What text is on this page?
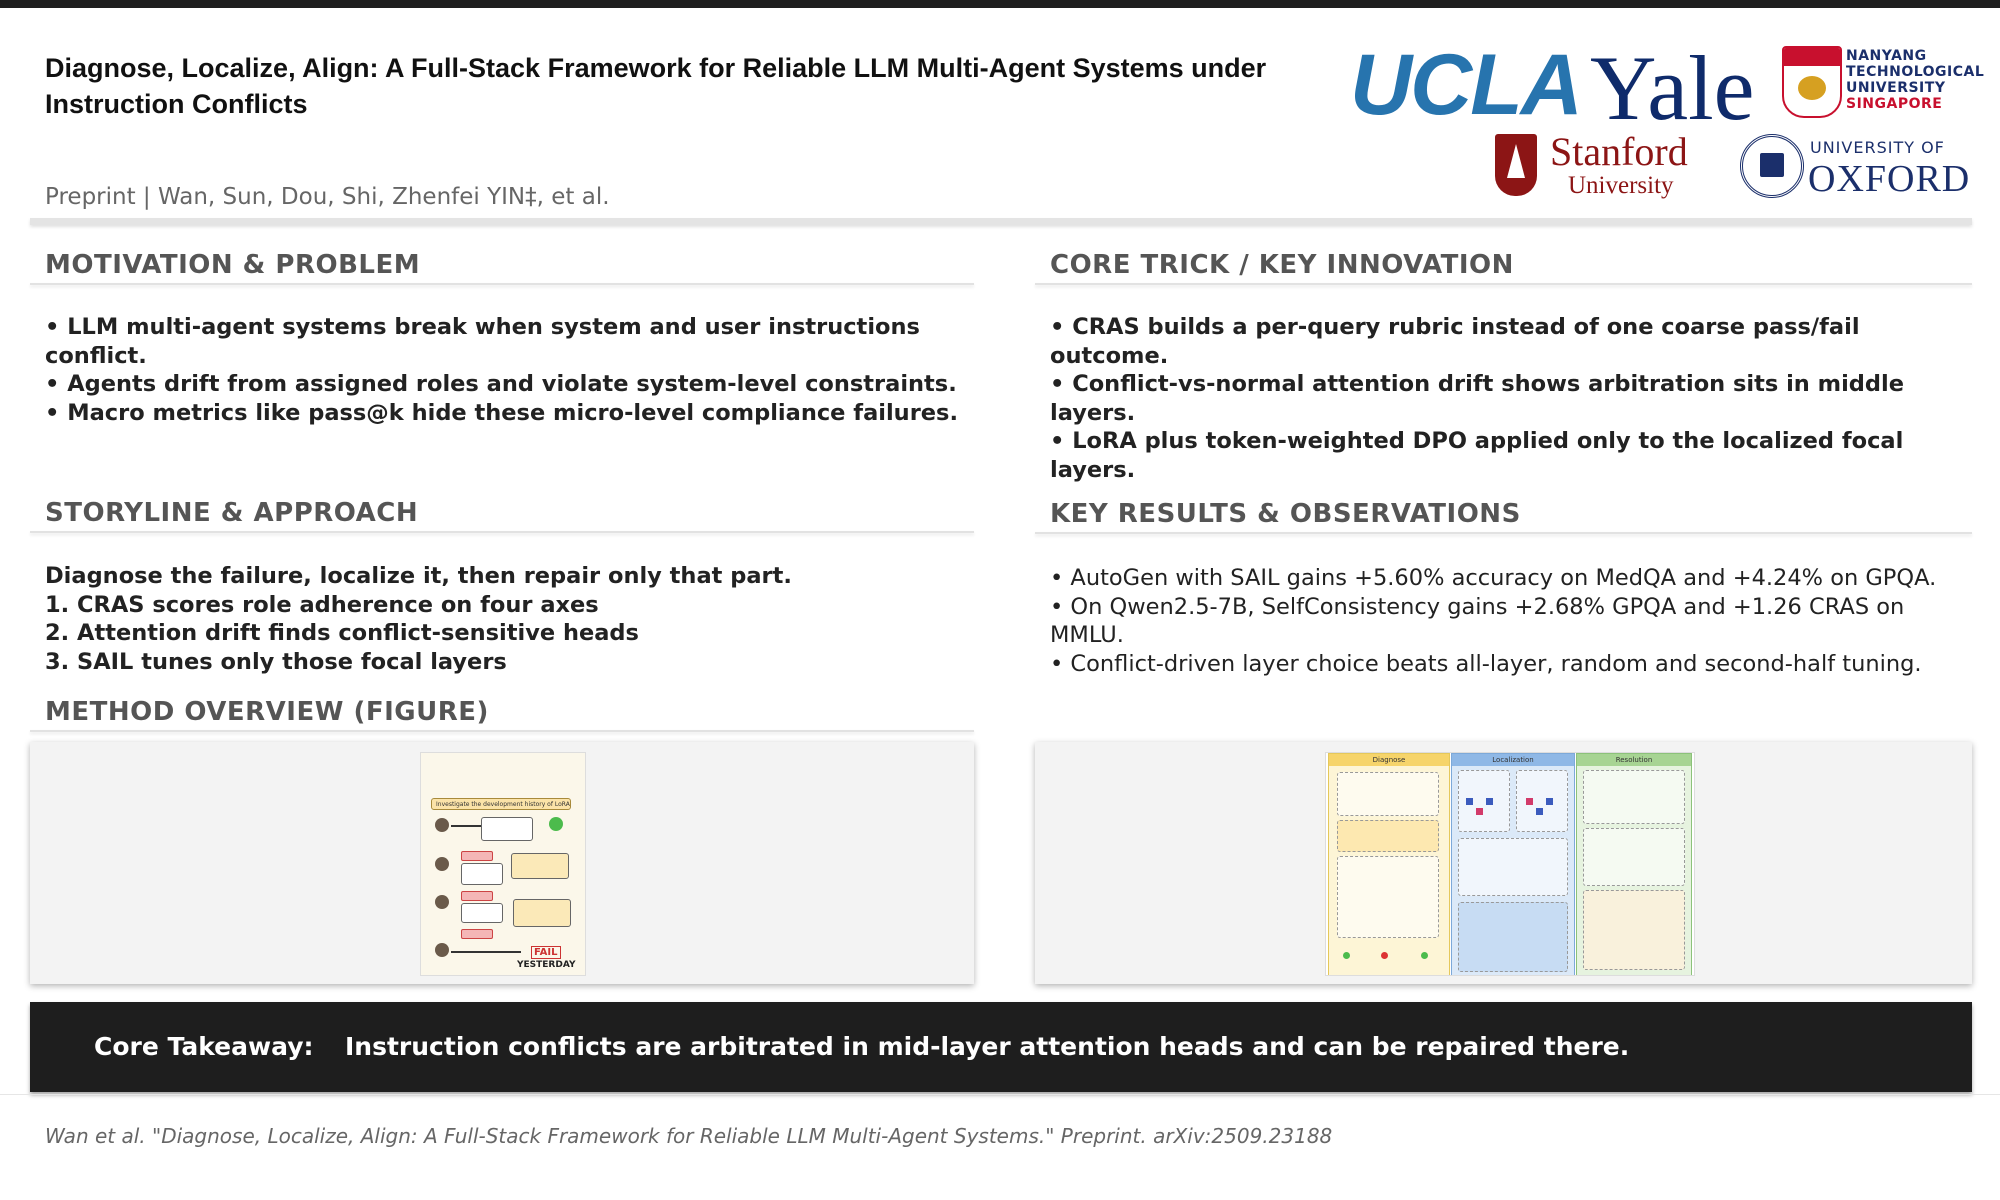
Diagnose, Localize, Align: A Full-Stack Framework for Reliable LLM Multi-Agent Systems under Instruction Conflicts
Preprint | Wan, Sun, Dou, Shi, Zhenfei YIN‡, et al.
UCLA Yale	NANYANG
TECHNOLOGICAL
UNIVERSITY
SINGAPORE
Stanford
University
UNIVERSITY OF
OXFORD
MOTIVATION & PROBLEM
• LLM multi-agent systems break when system and user instructions conflict.
• Agents drift from assigned roles and violate system-level constraints.
• Macro metrics like pass@k hide these micro-level compliance failures.
STORYLINE & APPROACH
Diagnose the failure, localize it, then repair only that part.
1. CRAS scores role adherence on four axes
2. Attention drift finds conflict-sensitive heads
3. SAIL tunes only those focal layers
METHOD OVERVIEW (FIGURE)
Investigate the development history of LoRA
FAIL
YESTERDAY
CORE TRICK / KEY INNOVATION
• CRAS builds a per-query rubric instead of one coarse pass/fail outcome.
• Conflict-vs-normal attention drift shows arbitration sits in middle layers.
• LoRA plus token-weighted DPO applied only to the localized focal layers.
KEY RESULTS & OBSERVATIONS
• AutoGen with SAIL gains +5.60% accuracy on MedQA and +4.24% on GPQA.
• On Qwen2.5-7B, SelfConsistency gains +2.68% GPQA and +1.26 CRAS on MMLU.
• Conflict-driven layer choice beats all-layer, random and second-half tuning.
Diagnose	Localization	Resolution
Core Takeaway: Instruction conflicts are arbitrated in mid-layer attention heads and can be repaired there.
Wan et al. "Diagnose, Localize, Align: A Full-Stack Framework for Reliable LLM Multi-Agent Systems." Preprint. arXiv:2509.23188
